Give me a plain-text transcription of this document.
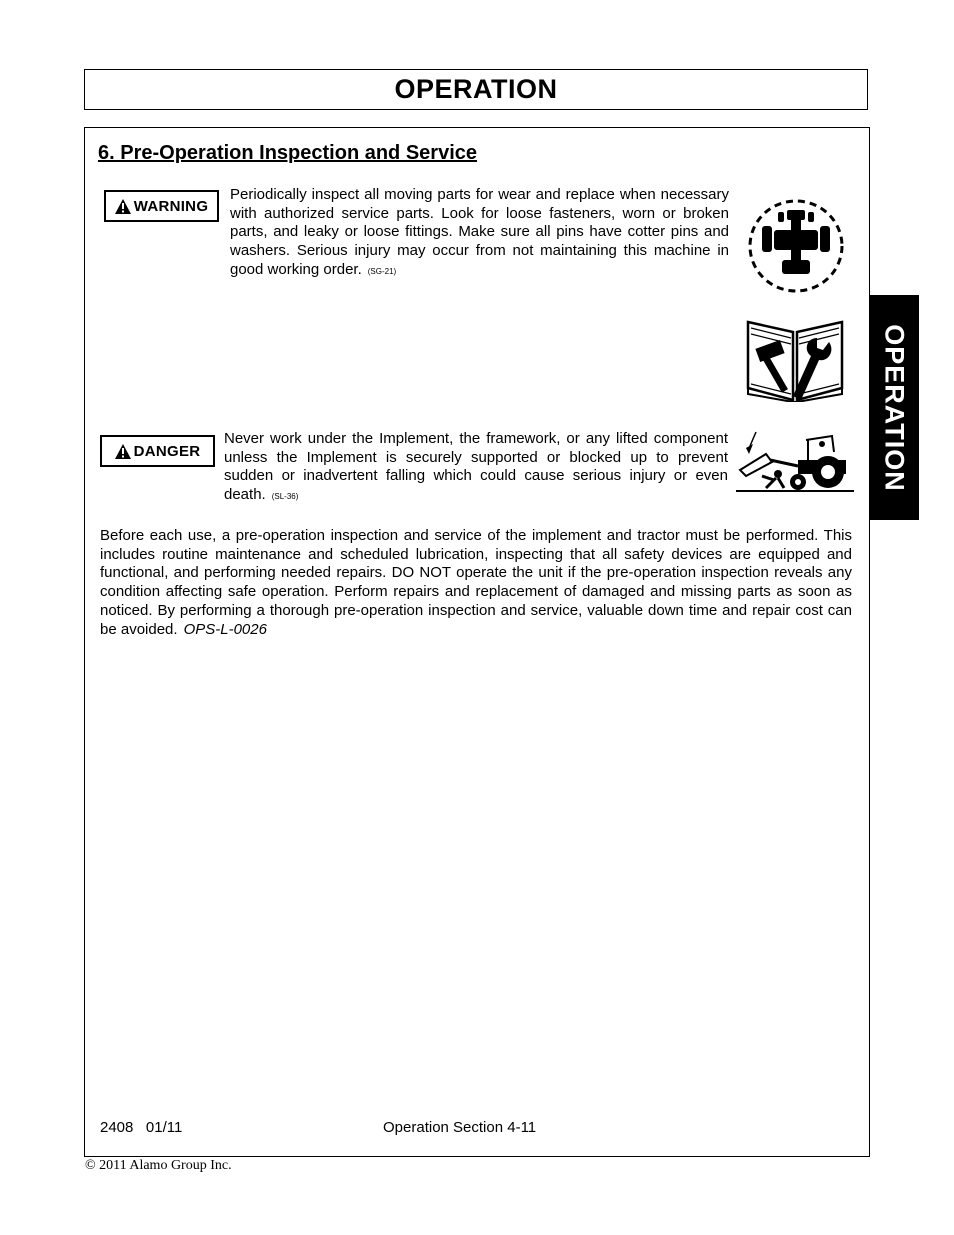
OPERATION
OPERATION
6. Pre-Operation Inspection and Service
WARNING

Periodically inspect all moving parts for wear and replace when necessary with authorized service parts. Look for loose fasteners, worn or broken parts, and leaky or loose fittings. Make sure all pins have cotter pins and washers. Serious injury may occur from not maintaining this machine in good working order. (SG-21)

DANGER

Never work under the Implement, the framework, or any lifted component unless the Implement is securely supported or blocked up to prevent sudden or inadvertent falling which could cause serious injury or even death. (SL-36)

Before each use, a pre-operation inspection and service of the implement and tractor must be performed. This includes routine maintenance and scheduled lubrication, inspecting that all safety devices are equipped and functional, and performing needed repairs. DO NOT operate the unit if the pre-operation inspection reveals any condition affecting safe operation. Perform repairs and replacement of damaged and missing parts as soon as noticed. By performing a thorough pre-operation inspection and service, valuable down time and repair cost can be avoided. OPS-L-0026

2408 01/11	Operation Section 4-11
© 2011 Alamo Group Inc.
